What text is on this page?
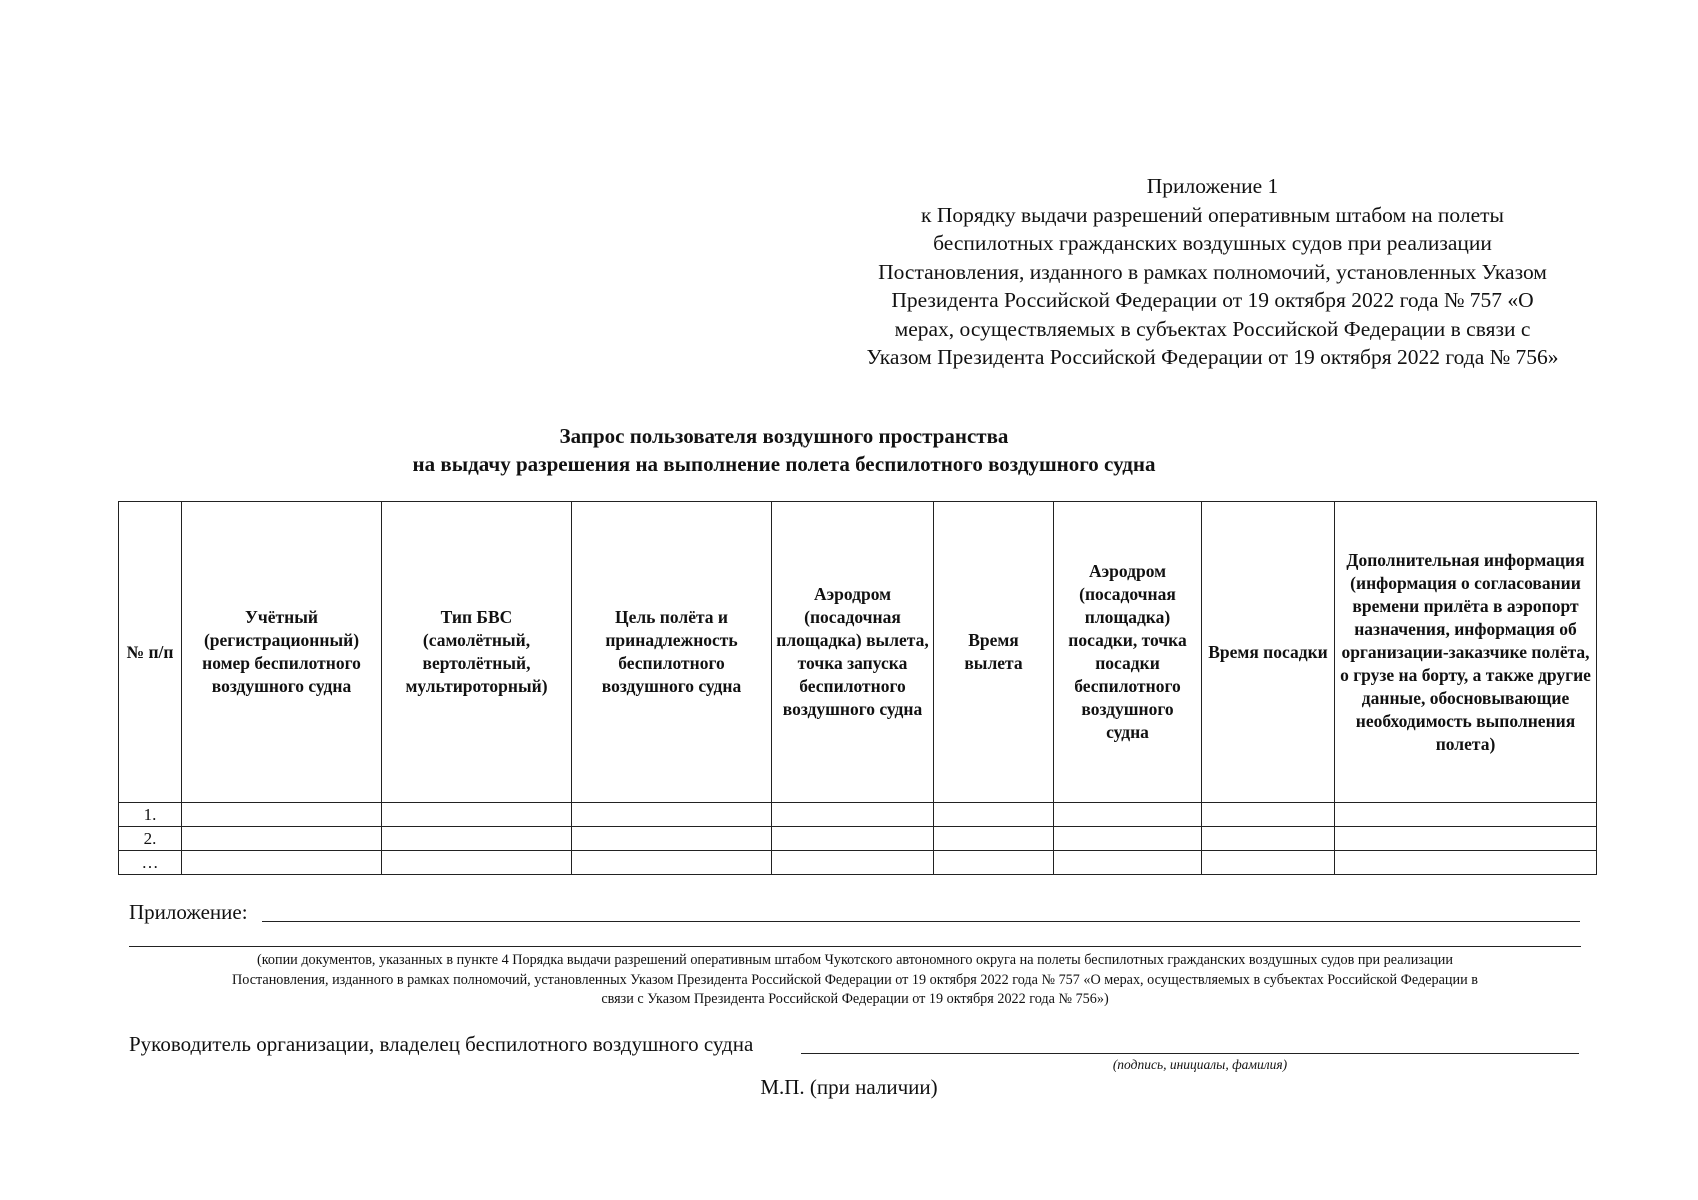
Приложение 1
к Порядку выдачи разрешений оперативным штабом на полеты
беспилотных гражданских воздушных судов при реализации
Постановления, изданного в рамках полномочий, установленных Указом
Президента Российской Федерации от 19 октября 2022 года № 757 «О
мерах, осуществляемых в субъектах Российской Федерации в связи с
Указом Президента Российской Федерации от 19 октября 2022 года № 756»
Запрос пользователя воздушного пространства
на выдачу разрешения на выполнение полета беспилотного воздушного судна
№ п/п	Учётный (регистрационный) номер беспилотного воздушного судна	Тип БВС (самолётный, вертолётный, мультироторный)	Цель полёта и принадлежность беспилотного воздушного судна	Аэродром (посадочная площадка) вылета, точка запуска беспилотного воздушного судна	Время вылета	Аэродром (посадочная площадка) посадки, точка посадки беспилотного воздушного судна	Время посадки	Дополнительная информация (информация о согласовании времени прилёта в аэропорт назначения, информация об организации-заказчике полёта, о грузе на борту, а также другие данные, обосновывающие необходимость выполнения полета)
1.								
2.								
…								
Приложение:
(копии документов, указанных в пункте 4 Порядка выдачи разрешений оперативным штабом Чукотского автономного округа на полеты беспилотных гражданских воздушных судов при реализации
Постановления, изданного в рамках полномочий, установленных Указом Президента Российской Федерации от 19 октября 2022 года № 757 «О мерах, осуществляемых в субъектах Российской Федерации в
связи с Указом Президента Российской Федерации от 19 октября 2022 года № 756»)
Руководитель организации, владелец беспилотного воздушного судна
(подпись, инициалы, фамилия)
М.П. (при наличии)
